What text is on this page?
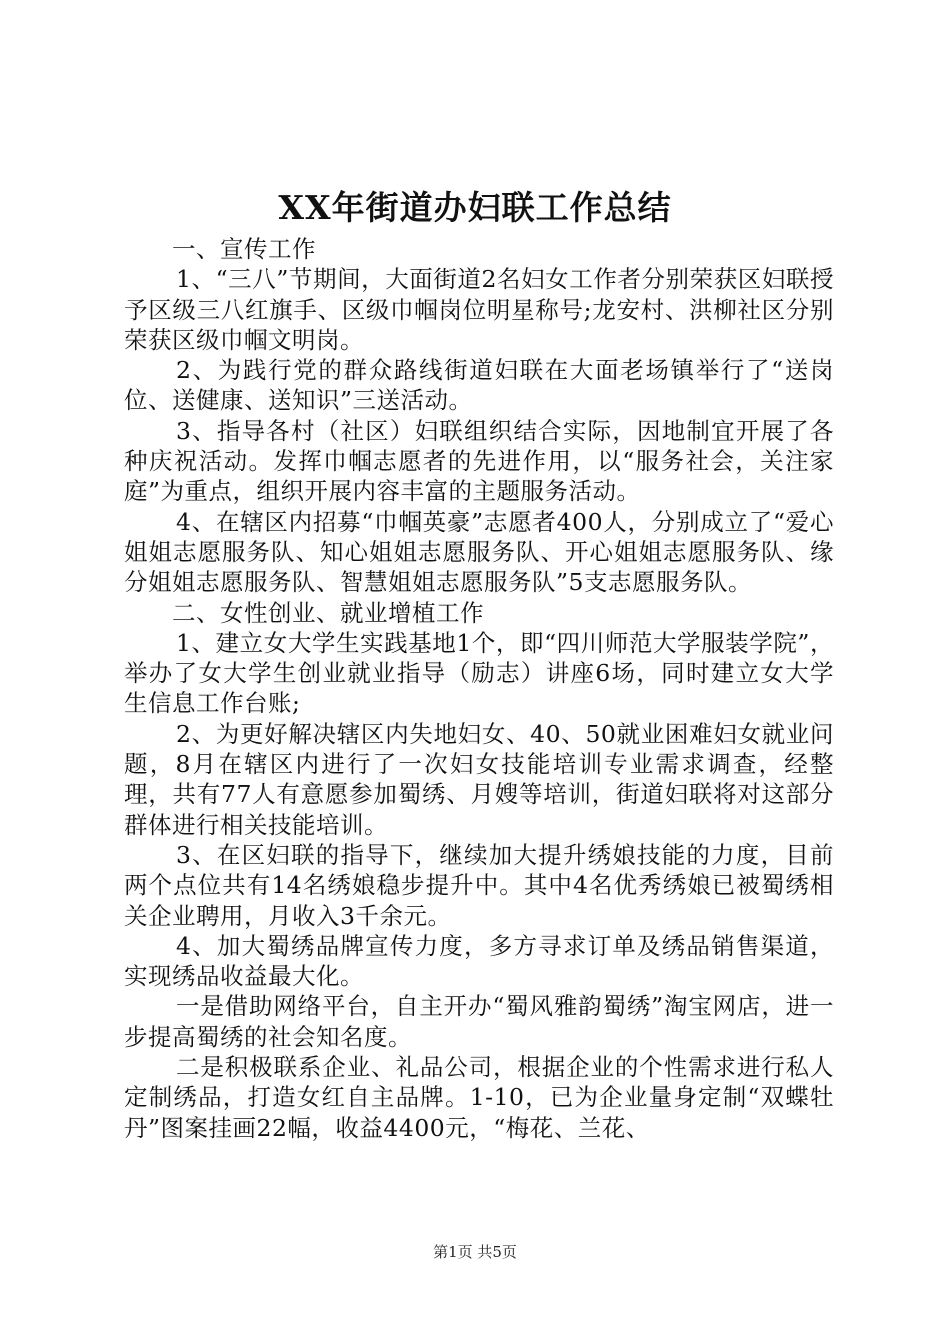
XX年街道办妇联工作总结

一、宣传工作

1、“三八”节期间，大面街道2名妇女工作者分别荣获区妇联授予区级三八红旗手、区级巾帼岗位明星称号;龙安村、洪柳社区分别荣获区级巾帼文明岗。

2、为践行党的群众路线街道妇联在大面老场镇举行了“送岗位、送健康、送知识”三送活动。

3、指导各村（社区）妇联组织结合实际，因地制宜开展了各种庆祝活动。发挥巾帼志愿者的先进作用，以“服务社会，关注家庭”为重点，组织开展内容丰富的主题服务活动。

4、在辖区内招募“巾帼英豪”志愿者400人，分别成立了“爱心姐姐志愿服务队、知心姐姐志愿服务队、开心姐姐志愿服务队、缘分姐姐志愿服务队、智慧姐姐志愿服务队”5支志愿服务队。

二、女性创业、就业增植工作

1、建立女大学生实践基地1个，即“四川师范大学服装学院”，举办了女大学生创业就业指导（励志）讲座6场，同时建立女大学生信息工作台账;

2、为更好解决辖区内失地妇女、40、50就业困难妇女就业问题，8月在辖区内进行了一次妇女技能培训专业需求调查，经整理，共有77人有意愿参加蜀绣、月嫂等培训，街道妇联将对这部分群体进行相关技能培训。

3、在区妇联的指导下，继续加大提升绣娘技能的力度，目前两个点位共有14名绣娘稳步提升中。其中4名优秀绣娘已被蜀绣相关企业聘用，月收入3千余元。

4、加大蜀绣品牌宣传力度，多方寻求订单及绣品销售渠道，实现绣品收益最大化。

一是借助网络平台，自主开办“蜀风雅韵蜀绣”淘宝网店，进一步提高蜀绣的社会知名度。

二是积极联系企业、礼品公司，根据企业的个性需求进行私人定制绣品，打造女红自主品牌。1-10，已为企业量身定制“双蝶牡丹”图案挂画22幅，收益4400元，“梅花、兰花、

第1页 共5页
